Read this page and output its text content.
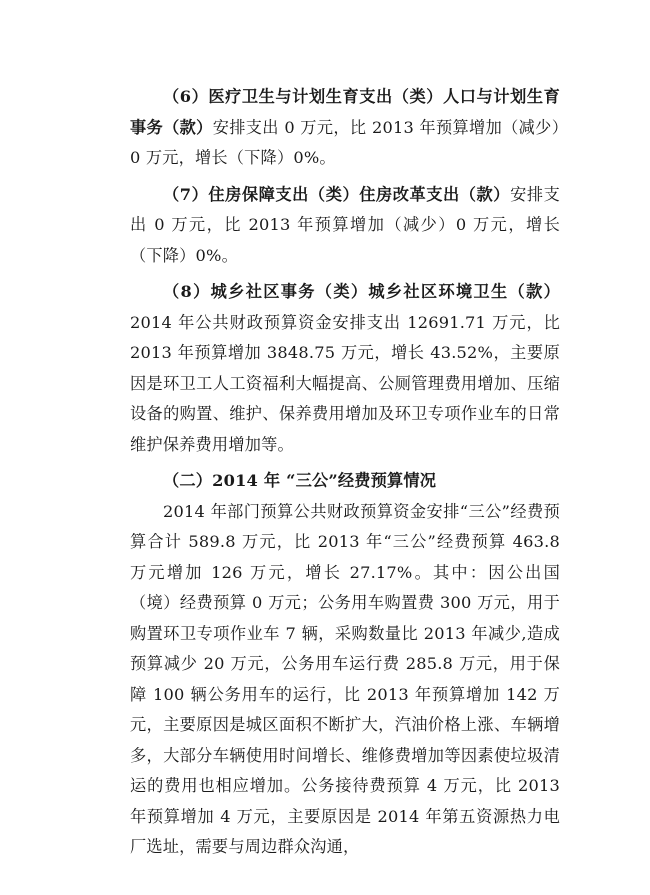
（6）医疗卫生与计划生育支出（类）人口与计划生育事务（款）安排支出 0 万元，比 2013 年预算增加（减少）0 万元，增长（下降）0%。

（7）住房保障支出（类）住房改革支出（款）安排支出 0 万元，比 2013 年预算增加（减少）0 万元，增长（下降）0%。

（8）城乡社区事务（类）城乡社区环境卫生（款）2014 年公共财政预算资金安排支出 12691.71 万元，比 2013 年预算增加 3848.75 万元，增长 43.52%，主要原因是环卫工人工资福利大幅提高、公厕管理费用增加、压缩设备的购置、维护、保养费用增加及环卫专项作业车的日常维护保养费用增加等。

（二）2014 年 “三公”经费预算情况

2014 年部门预算公共财政预算资金安排“三公”经费预算合计 589.8 万元，比 2013 年“三公”经费预算 463.8 万元增加 126 万元，增长 27.17%。其中：因公出国（境）经费预算 0 万元；公务用车购置费 300 万元，用于购置环卫专项作业车 7 辆，采购数量比 2013 年减少,造成预算减少 20 万元，公务用车运行费 285.8 万元，用于保障 100 辆公务用车的运行，比 2013 年预算增加 142 万元，主要原因是城区面积不断扩大，汽油价格上涨、车辆增多，大部分车辆使用时间增长、维修费增加等因素使垃圾清运的费用也相应增加。公务接待费预算 4 万元，比 2013 年预算增加 4 万元，主要原因是 2014 年第五资源热力电厂选址，需要与周边群众沟通，
